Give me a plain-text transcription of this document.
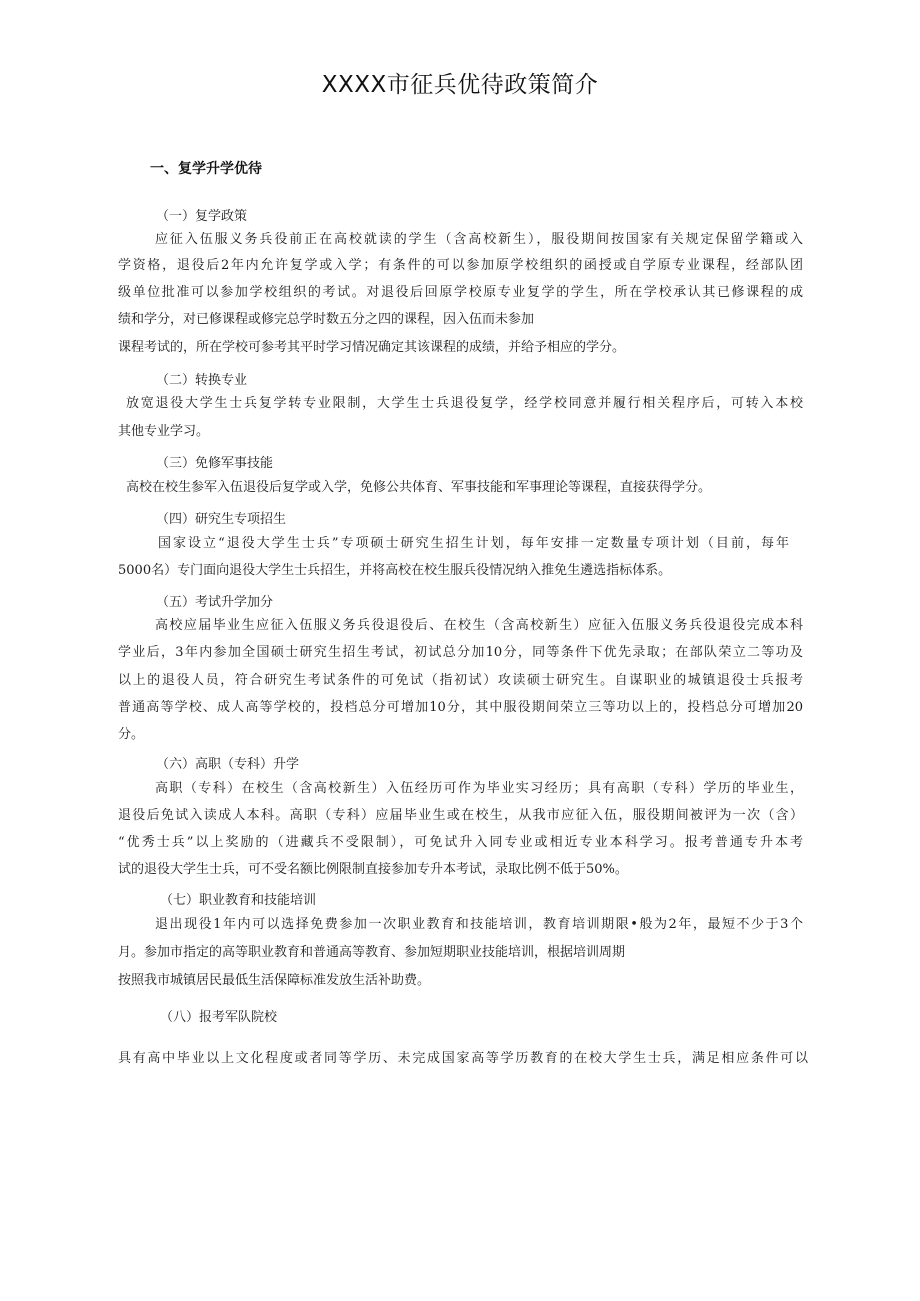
XXXX市征兵优待政策简介
一、复学升学优待
（一）复学政策
应征入伍服义务兵役前正在高校就读的学生（含高校新生），服役期间按国家有关规定保留学籍或入
学资格，退役后2年内允许复学或入学；有条件的可以参加原学校组织的函授或自学原专业课程，经部队团
级单位批准可以参加学校组织的考试。对退役后回原学校原专业复学的学生，所在学校承认其已修课程的成
绩和学分，对已修课程或修完总学时数五分之四的课程，因入伍而未参加
课程考试的，所在学校可参考其平时学习情况确定其该课程的成绩，并给予相应的学分。
（二）转换专业
放宽退役大学生士兵复学转专业限制，大学生士兵退役复学，经学校同意并履行相关程序后，可转入本校
其他专业学习。
（三）免修军事技能
高校在校生参军入伍退役后复学或入学，免修公共体育、军事技能和军事理论等课程，直接获得学分。
（四）研究生专项招生
国家设立“退役大学生士兵”专项硕士研究生招生计划，每年安排一定数量专项计划（目前，每年
5000名）专门面向退役大学生士兵招生，并将高校在校生服兵役情况纳入推免生遴选指标体系。
（五）考试升学加分
高校应届毕业生应征入伍服义务兵役退役后、在校生（含高校新生）应征入伍服义务兵役退役完成本科
学业后，3年内参加全国硕士研究生招生考试，初试总分加10分，同等条件下优先录取；在部队荣立二等功及
以上的退役人员，符合研究生考试条件的可免试（指初试）攻读硕士研究生。自谋职业的城镇退役士兵报考
普通高等学校、成人高等学校的，投档总分可增加10分，其中服役期间荣立三等功以上的，投档总分可增加20
分。
（六）高职（专科）升学
高职（专科）在校生（含高校新生）入伍经历可作为毕业实习经历；具有高职（专科）学历的毕业生，
退役后免试入读成人本科。高职（专科）应届毕业生或在校生，从我市应征入伍，服役期间被评为一次（含）
“优秀士兵”以上奖励的（进藏兵不受限制），可免试升入同专业或相近专业本科学习。报考普通专升本考
试的退役大学生士兵，可不受名额比例限制直接参加专升本考试，录取比例不低于50%。
（七）职业教育和技能培训
退出现役1年内可以选择免费参加一次职业教育和技能培训，教育培训期限•般为2年，最短不少于3个
月。参加市指定的高等职业教育和普通高等教育、参加短期职业技能培训，根据培训周期
按照我市城镇居民最低生活保障标准发放生活补助费。
（八）报考军队院校
具有高中毕业以上文化程度或者同等学历、未完成国家高等学历教育的在校大学生士兵，满足相应条件可以
